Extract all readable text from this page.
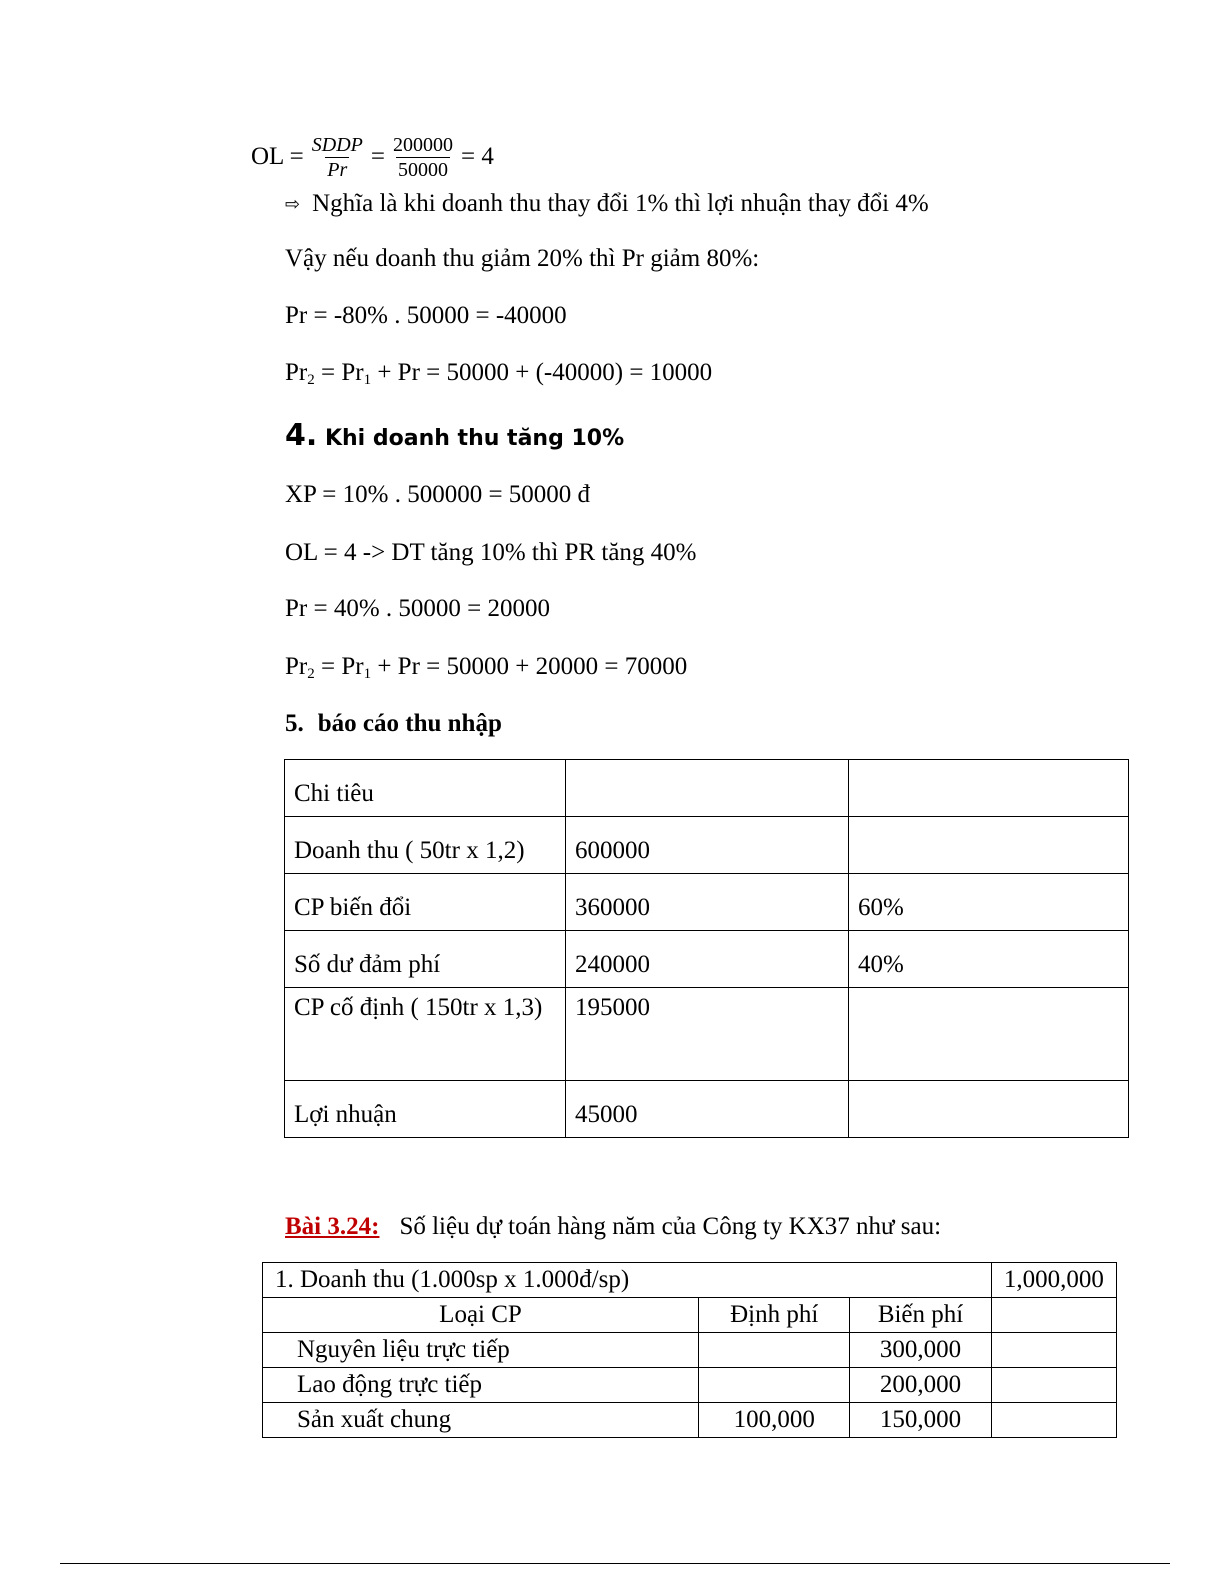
OL = $\frac{\text{SDDP}}{Pr} = \frac{200000}{50000} = 4$
⇨ Nghĩa là khi doanh thu thay đổi 1% thì lợi nhuận thay đổi 4%
Vậy nếu doanh thu giảm 20% thì Pr giảm 80%:
Pr = -80% . 50000 = -40000
$Pr_2 = Pr_1 + Pr = 50000 + (-40000) = 10000$
4. Khi doanh thu tăng 10%
XP = 10% . 500000 = 50000 đ
OL = 4 -> DT tăng 10% thì PR tăng 40%
Pr = 40% . 50000 = 20000
$Pr_2 = Pr_1 + Pr = 50000 + 20000 = 70000$
5. báo cáo thu nhập
Chi tiêu		
Doanh thu ( 50tr x 1,2)	600000	
CP biến đổi	360000	60%
Số dư đảm phí	240000	40%
CP cố định ( 150tr x 1,3)	195000	
Lợi nhuận	45000	
Bài 3.24: Số liệu dự toán hàng năm của Công ty KX37 như sau:
1. Doanh thu (1.000sp x 1.000đ/sp)			1,000,000
Loại CP	Định phí	Biến phí	
Nguyên liệu trực tiếp		300,000	
Lao động trực tiếp		200,000	
Sản xuất chung	100,000	150,000	
